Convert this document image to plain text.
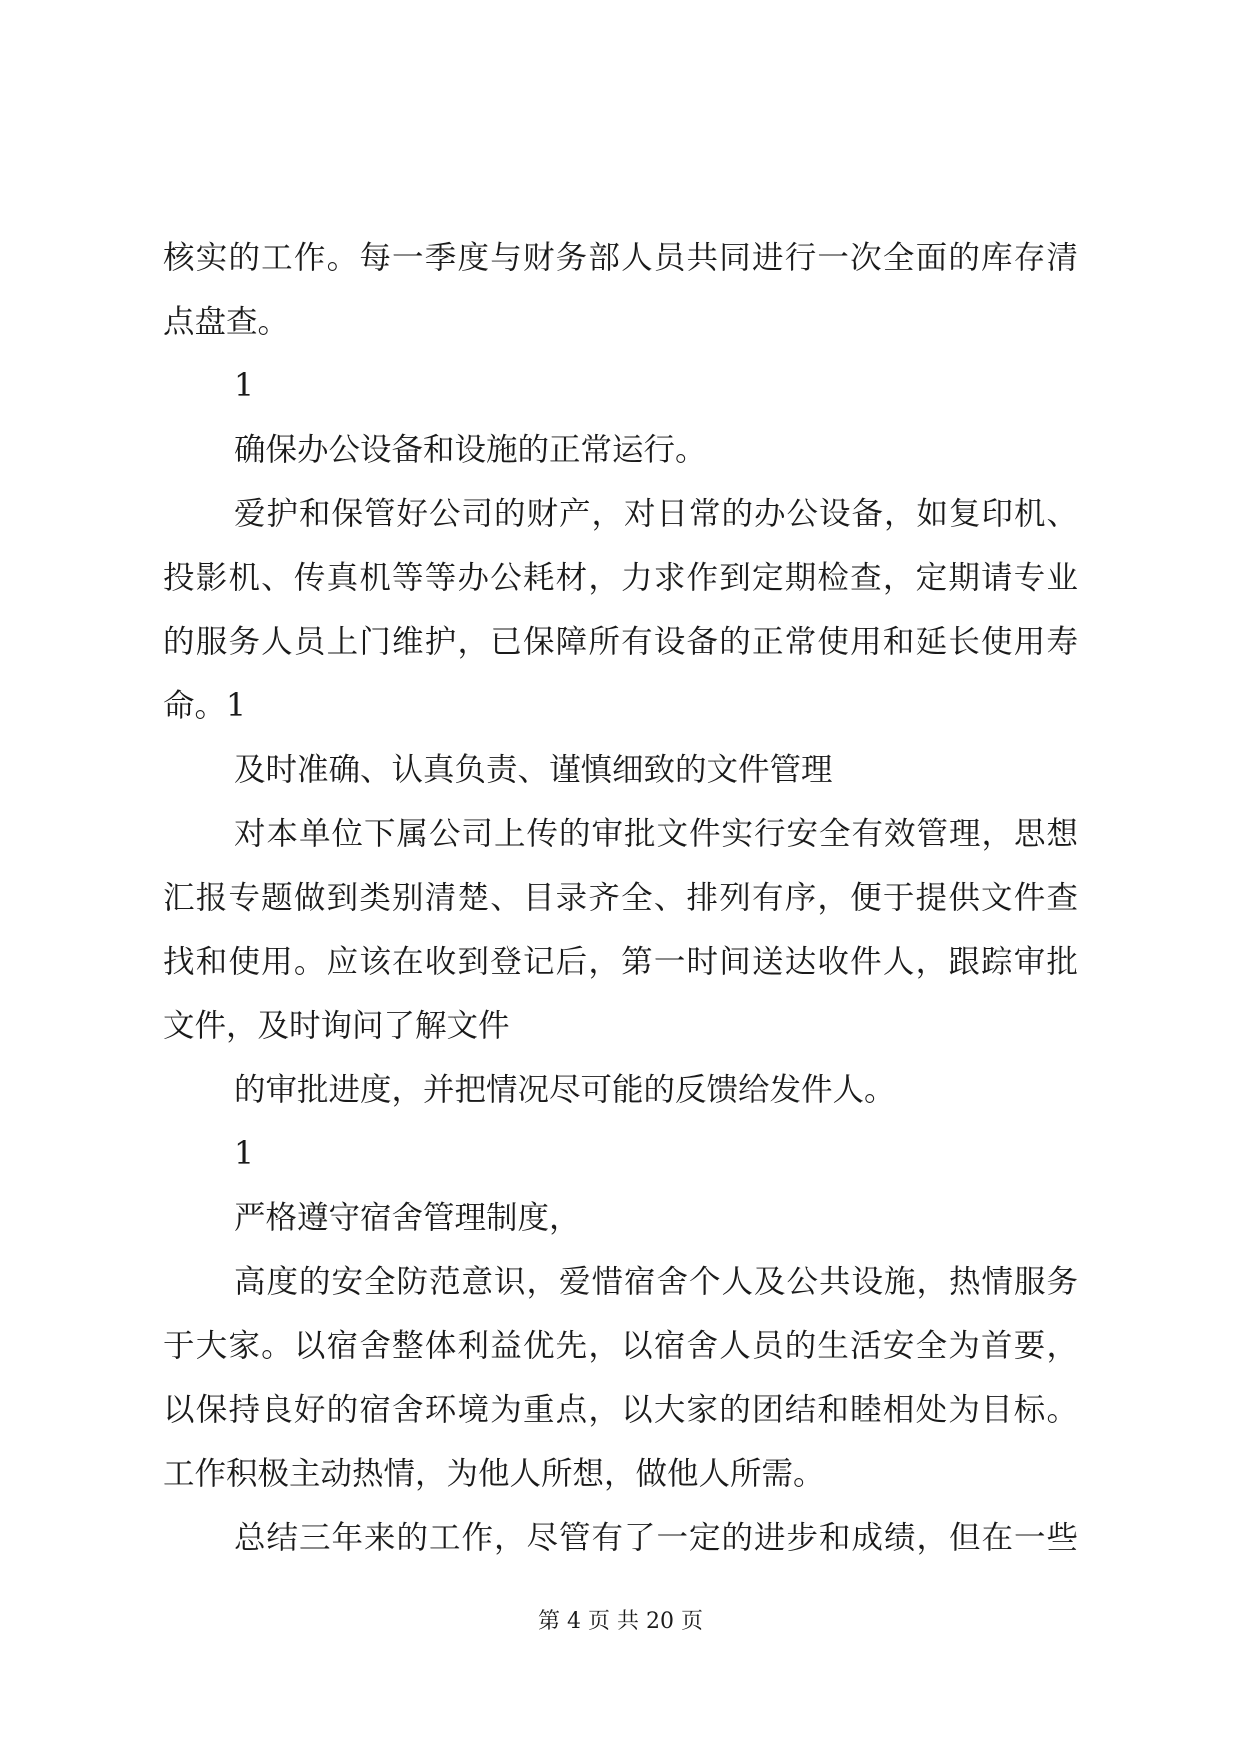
核实的工作。每一季度与财务部人员共同进行一次全面的库存清
点盘查。
1
确保办公设备和设施的正常运行。
爱护和保管好公司的财产，对日常的办公设备，如复印机、
投影机、传真机等等办公耗材，力求作到定期检查，定期请专业
的服务人员上门维护，已保障所有设备的正常使用和延长使用寿
命。1
及时准确、认真负责、谨慎细致的文件管理
对本单位下属公司上传的审批文件实行安全有效管理，思想
汇报专题做到类别清楚、目录齐全、排列有序，便于提供文件查
找和使用。应该在收到登记后，第一时间送达收件人，跟踪审批
文件，及时询问了解文件
的审批进度，并把情况尽可能的反馈给发件人。
1
严格遵守宿舍管理制度，
高度的安全防范意识，爱惜宿舍个人及公共设施，热情服务
于大家。以宿舍整体利益优先，以宿舍人员的生活安全为首要，
以保持良好的宿舍环境为重点，以大家的团结和睦相处为目标。
工作积极主动热情，为他人所想，做他人所需。
总结三年来的工作，尽管有了一定的进步和成绩，但在一些
第 4 页 共 20 页
